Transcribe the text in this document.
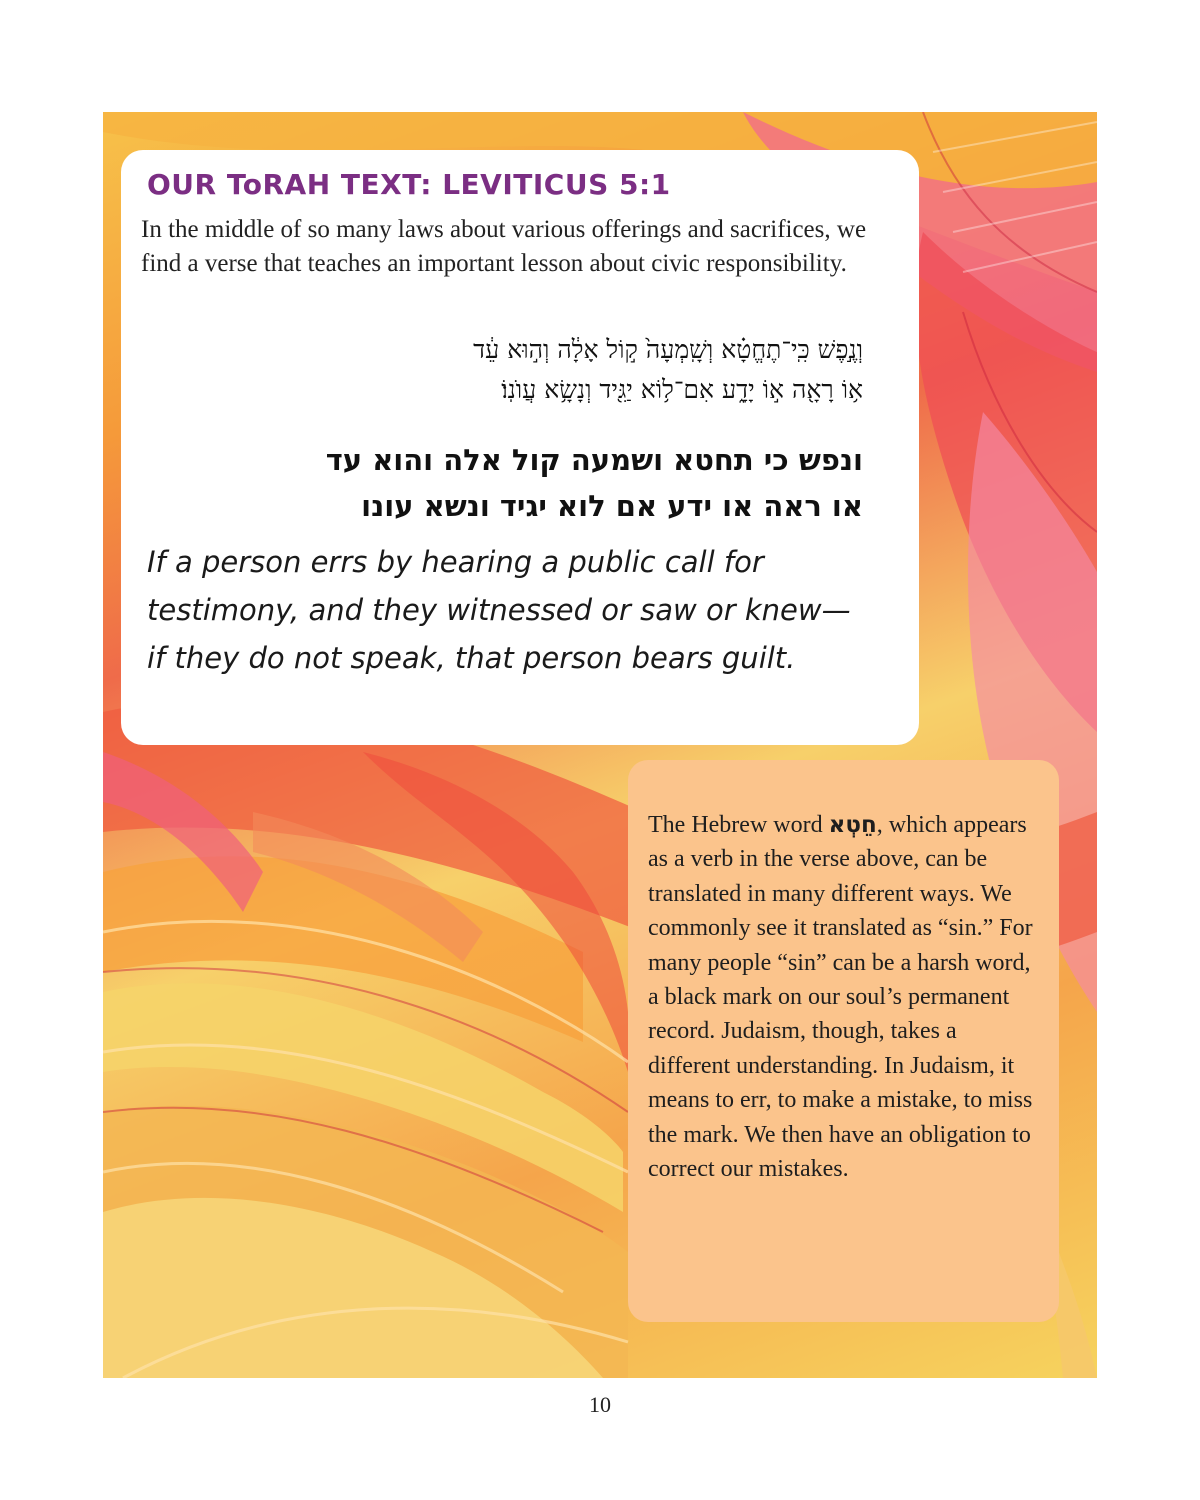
OUR ToRAH TEXT: LEVITICUS 5:1

In the middle of so many laws about various offerings and sacrifices, we find a verse that teaches an important lesson about civic responsibility.

וְנֶ֣פֶשׁ כִּֽי־תֶחֱטָ֗א וְשָֽׁמְעָה֙ ק֣וֹל אָלָ֔ה וְה֣וּא עֵ֔ד
א֥וֹ רָאָ֖ה א֣וֹ יָדָ֑ע אִם־ל֥וֹא יַגִּ֖יד וְנָשָׂ֥א עֲוֺנֽוֹ׃
ונפש כי תחטא ושמעה קול אלה והוא עד
או ראה או ידע אם לוא יגיד ונשא עונו
If a person errs by hearing a public call for
testimony, and they witnessed or saw or knew—
if they do not speak, that person bears guilt.

The Hebrew word חֵטְא, which appears as a verb in the verse above, can be translated in many different ways. We commonly see it translated as “sin.” For many people “sin” can be a harsh word, a black mark on our soul’s permanent record. Judaism, though, takes a different understanding. In Judaism, it means to err, to make a mistake, to miss the mark. We then have an obligation to correct our mistakes.

10
